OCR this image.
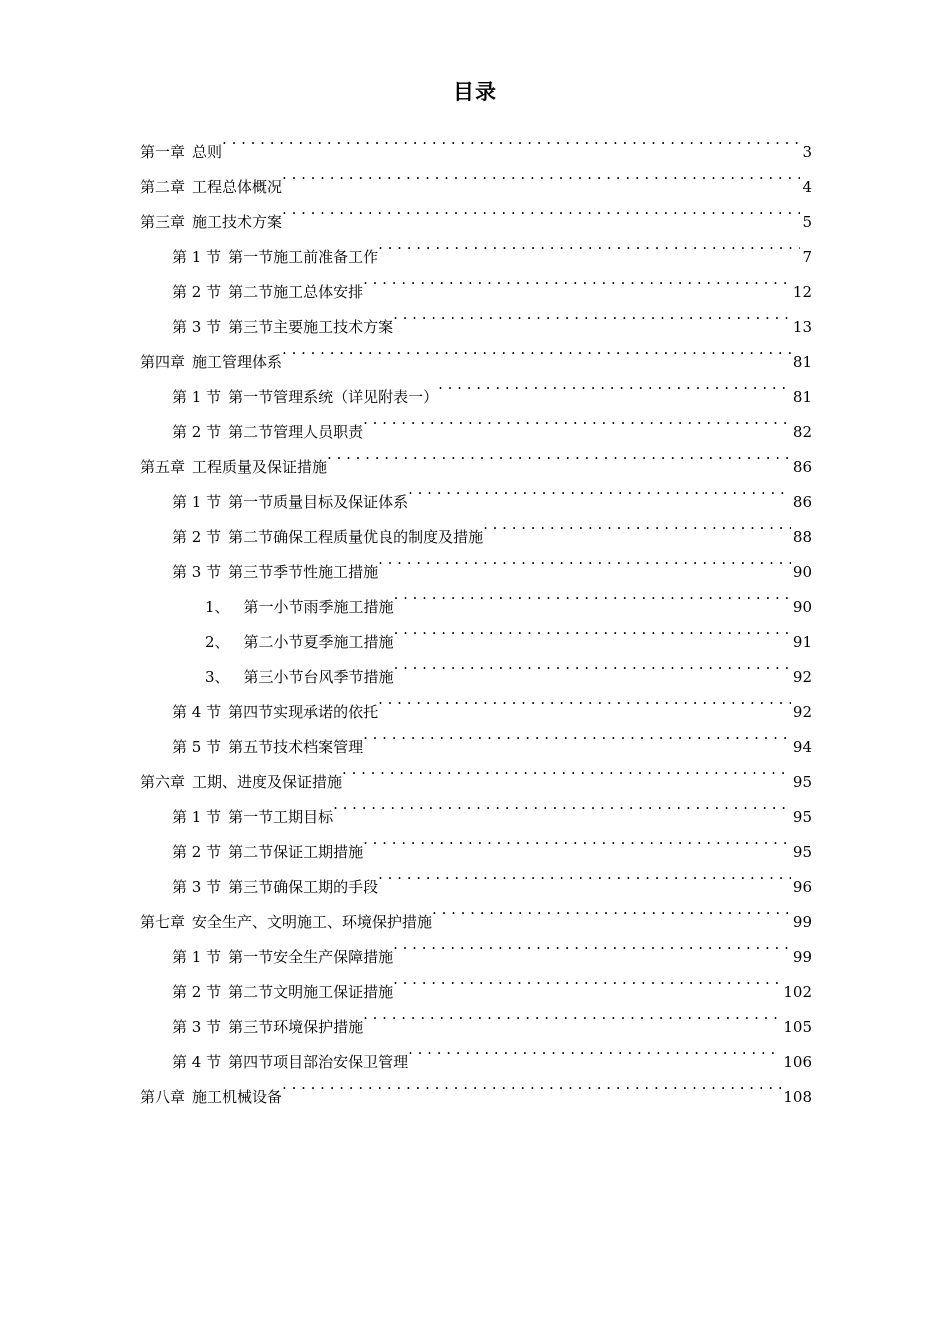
目录
第一章 总则 . . .	3
第二章 工程总体概况 . . .	4
第三章 施工技术方案 . . .	5
第 1 节 第一节施工前准备工作 . . .	7
第 2 节 第二节施工总体安排 . . .	12
第 3 节 第三节主要施工技术方案 . . .	13
第四章 施工管理体系 . . .	81
第 1 节 第一节管理系统（详见附表一） . . .	81
第 2 节 第二节管理人员职责 . . .	82
第五章 工程质量及保证措施 . . .	86
第 1 节 第一节质量目标及保证体系 . . .	86
第 2 节 第二节确保工程质量优良的制度及措施 . . .	88
第 3 节 第三节季节性施工措施 . . .	90
1、 第一小节雨季施工措施 . . .	90
2、 第二小节夏季施工措施 . . .	91
3、 第三小节台风季节措施 . . .	92
第 4 节 第四节实现承诺的依托 . . .	92
第 5 节 第五节技术档案管理 . . .	94
第六章 工期、进度及保证措施 . . .	95
第 1 节 第一节工期目标 . . .	95
第 2 节 第二节保证工期措施 . . .	95
第 3 节 第三节确保工期的手段 . . .	96
第七章 安全生产、文明施工、环境保护措施 . . .	99
第 1 节 第一节安全生产保障措施 . . .	99
第 2 节 第二节文明施工保证措施 . . .	102
第 3 节 第三节环境保护措施 . . .	105
第 4 节 第四节项目部治安保卫管理 . . .	106
第八章 施工机械设备 . . .	108
